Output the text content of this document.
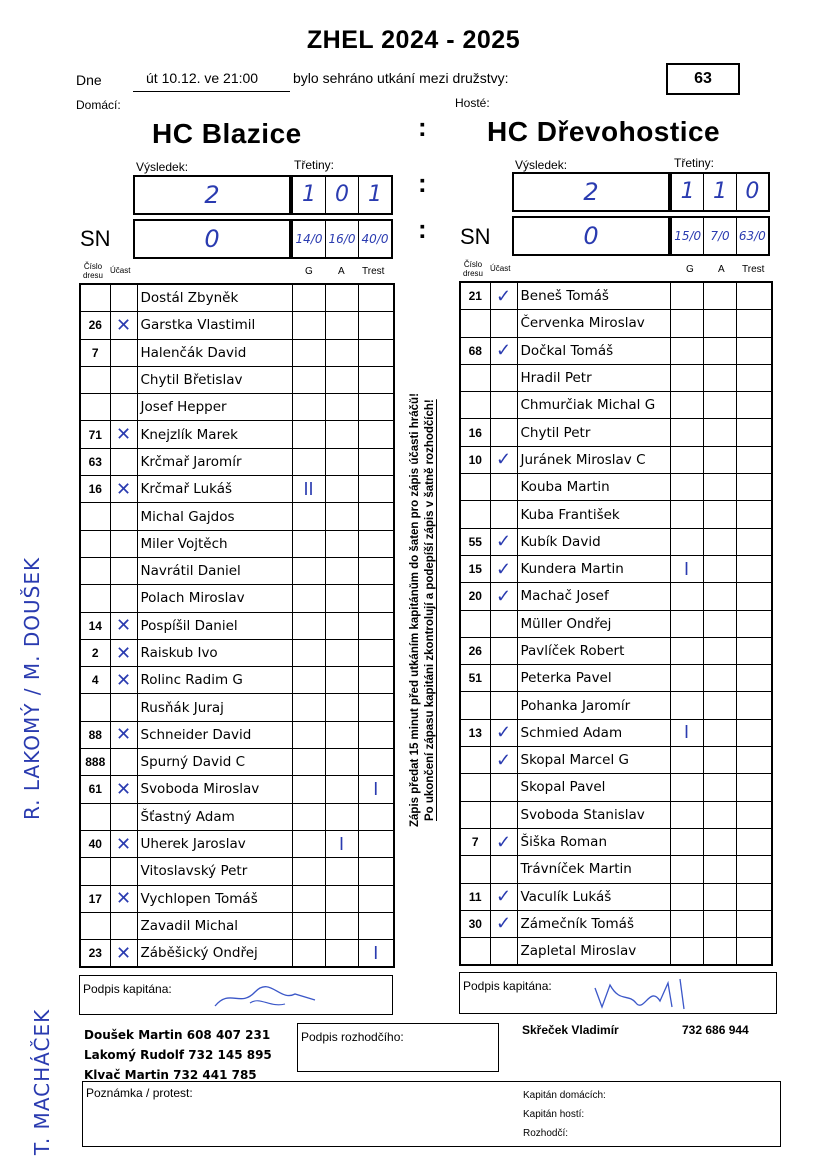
ZHEL 2024 - 2025
Dne	út 10.12. ve 21:00 bylo sehráno utkání mezi družstvy:	63
Domácí:	Hosté:
HC Blazice	HC Dřevohostice
:
:
:
Výsledek:	Třetiny:
2	1 0 1
SN	0	14/0 16/0 40/0
Výsledek:	Třetiny:
2	1 1 0
SN	0	15/0 7/0 63/0
Číslo dresu
Účast	G	A Trest
Číslo dresu
Účast	G A Trest
		Dostál Zbyněk			
26	✕	Garstka Vlastimil			
7		Halenčák David			
		Chytil Břetislav			
		Josef Hepper			
71	✕	Knejzlík Marek			
63		Krčmař Jaromír			
16	✕	Krčmař Lukáš	II		
		Michal Gajdos			
		Miler Vojtěch			
		Navrátil Daniel			
		Polach Miroslav			
14	✕	Pospíšil Daniel			
2	✕	Raiskub Ivo			
4	✕	Rolinc Radim G			
		Rusňák Juraj			
88	✕	Schneider David			
888		Spurný David C			
61	✕	Svoboda Miroslav			I
		Šťastný Adam			
40	✕	Uherek Jaroslav		I	
		Vitoslavský Petr			
17	✕	Vychlopen Tomáš			
		Zavadil Michal			
23	✕	Záběšický Ondřej			I
21	✓	Beneš Tomáš			
		Červenka Miroslav			
68	✓	Dočkal Tomáš			
		Hradil Petr			
		Chmurčiak Michal G			
16		Chytil Petr			
10	✓	Juránek Miroslav C			
		Kouba Martin			
		Kuba František			
55	✓	Kubík David			
15	✓	Kundera Martin	I		
20	✓	Machač Josef			
		Müller Ondřej			
26		Pavlíček Robert			
51		Peterka Pavel			
		Pohanka Jaromír			
13	✓	Schmied Adam	I		
	✓	Skopal Marcel G			
		Skopal Pavel			
		Svoboda Stanislav			
7	✓	Šiška Roman			
		Trávníček Martin			
11	✓	Vaculík Lukáš			
30	✓	Zámečník Tomáš			
		Zapletal Miroslav			
Zápis předat 15 minut před utkáním kapitánům do šaten pro zápis účasti hráčů! Po ukončení zápasu kapitáni zkontrolují a podepíší zápis v šatně rozhodčích!
R. LAKOMÝ / M. DOUŠEK
T. MACHÁČEK
Podpis kapitána:	Podpis kapitána:
Doušek Martin 608 407 231
Lakomý Rudolf 732 145 895
Klvač Martin 732 441 785
Podpis rozhodčího:	Skřeček Vladimír	732 686 944
Poznámka / protest:	Kapitán domácích:
Kapitán hostí:
Rozhodčí:
